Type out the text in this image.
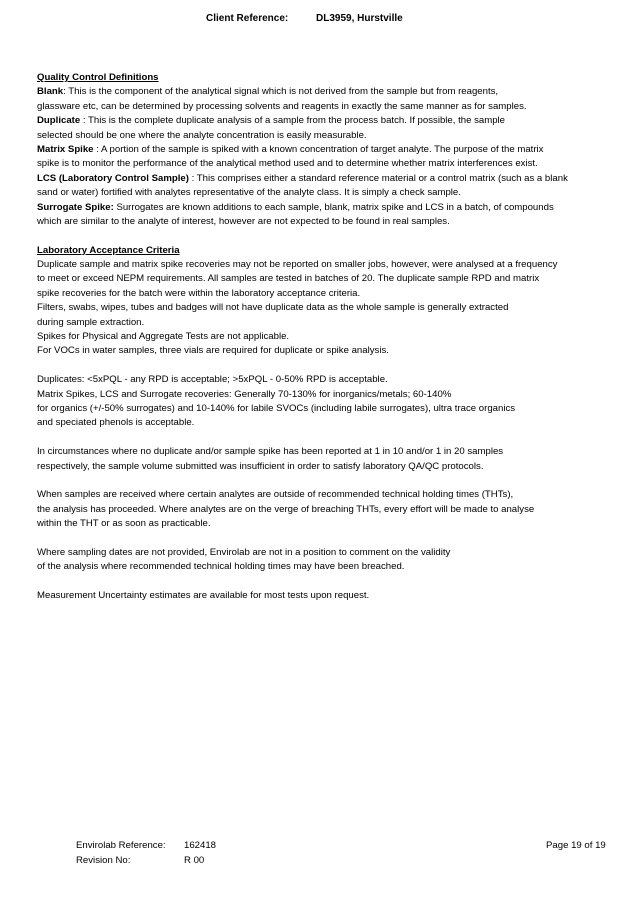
Client Reference:	DL3959, Hurstville
Quality Control Definitions
Blank: This is the component of the analytical signal which is not derived from the sample but from reagents,
glassware etc, can be determined by processing solvents and reagents in exactly the same manner as for samples.
Duplicate : This is the complete duplicate analysis of a sample from the process batch. If possible, the sample
selected should be one where the analyte concentration is easily measurable.
Matrix Spike : A portion of the sample is spiked with a known concentration of target analyte. The purpose of the matrix
spike is to monitor the performance of the analytical method used and to determine whether matrix interferences exist.
LCS (Laboratory Control Sample) : This comprises either a standard reference material or a control matrix (such as a blank
sand or water) fortified with analytes representative of the analyte class. It is simply a check sample.
Surrogate Spike: Surrogates are known additions to each sample, blank, matrix spike and LCS in a batch, of compounds
which are similar to the analyte of interest, however are not expected to be found in real samples.
Laboratory Acceptance Criteria
Duplicate sample and matrix spike recoveries may not be reported on smaller jobs, however, were analysed at a frequency
to meet or exceed NEPM requirements. All samples are tested in batches of 20. The duplicate sample RPD and matrix
spike recoveries for the batch were within the laboratory acceptance criteria.
Filters, swabs, wipes, tubes and badges will not have duplicate data as the whole sample is generally extracted
during sample extraction.
Spikes for Physical and Aggregate Tests are not applicable.
For VOCs in water samples, three vials are required for duplicate or spike analysis.
Duplicates: <5xPQL - any RPD is acceptable; >5xPQL - 0-50% RPD is acceptable.
Matrix Spikes, LCS and Surrogate recoveries: Generally 70-130% for inorganics/metals; 60-140%
for organics (+/-50% surrogates) and 10-140% for labile SVOCs (including labile surrogates), ultra trace organics
and speciated phenols is acceptable.
In circumstances where no duplicate and/or sample spike has been reported at 1 in 10 and/or 1 in 20 samples
respectively, the sample volume submitted was insufficient in order to satisfy laboratory QA/QC protocols.
When samples are received where certain analytes are outside of recommended technical holding times (THTs),
the analysis has proceeded. Where analytes are on the verge of breaching THTs, every effort will be made to analyse
within the THT or as soon as practicable.
Where sampling dates are not provided, Envirolab are not in a position to comment on the validity
of the analysis where recommended technical holding times may have been breached.
Measurement Uncertainty estimates are available for most tests upon request.
Envirolab Reference: 162418	Page 19 of 19
Revision No:	R 00
